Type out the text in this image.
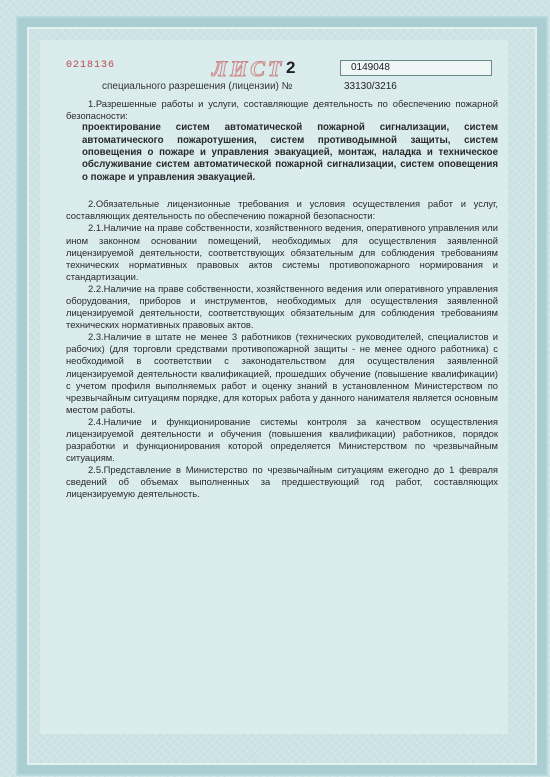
0218136	ЛИСТ 2	0149048
специального разрешения (лицензии) №	33130/3216

1.Разрешенные работы и услуги, составляющие деятельность по обеспечению пожарной безопасности:

проектирование систем автоматической пожарной сигнализации, систем автоматического пожаротушения, систем противодымной защиты, систем оповещения о пожаре и управления эвакуацией, монтаж, наладка и техническое обслуживание систем автоматической пожарной сигнализации, систем оповещения о пожаре и управления эвакуацией.

2.Обязательные лицензионные требования и условия осуществления работ и услуг, составляющих деятельность по обеспечению пожарной безопасности:

2.1.Наличие на праве собственности, хозяйственного ведения, оперативного управления или ином законном основании помещений, необходимых для осуществления заявленной лицензируемой деятельности, соответствующих обязательным для соблюдения требованиям технических нормативных правовых актов системы противопожарного нормирования и стандартизации.

2.2.Наличие на праве собственности, хозяйственного ведения или оперативного управления оборудования, приборов и инструментов, необходимых для осуществления заявленной лицензируемой деятельности, соответствующих обязательным для соблюдения требованиям технических нормативных правовых актов.

2.3.Наличие в штате не менее 3 работников (технических руководителей, специалистов и рабочих) (для торговли средствами противопожарной защиты - не менее одного работника) с необходимой в соответствии с законодательством для осуществления заявленной лицензируемой деятельности квалификацией, прошедших обучение (повышение квалификации) с учетом профиля выполняемых работ и оценку знаний в установленном Министерством по чрезвычайным ситуациям порядке, для которых работа у данного нанимателя является основным местом работы.

2.4.Наличие и функционирование системы контроля за качеством осуществления лицензируемой деятельности и обучения (повышения квалификации) работников, порядок разработки и функционирования которой определяется Министерством по чрезвычайным ситуациям.

2.5.Представление в Министерство по чрезвычайным ситуациям ежегодно до 1 февраля сведений об объемах выполненных за предшествующий год работ, составляющих лицензируемую деятельность.
